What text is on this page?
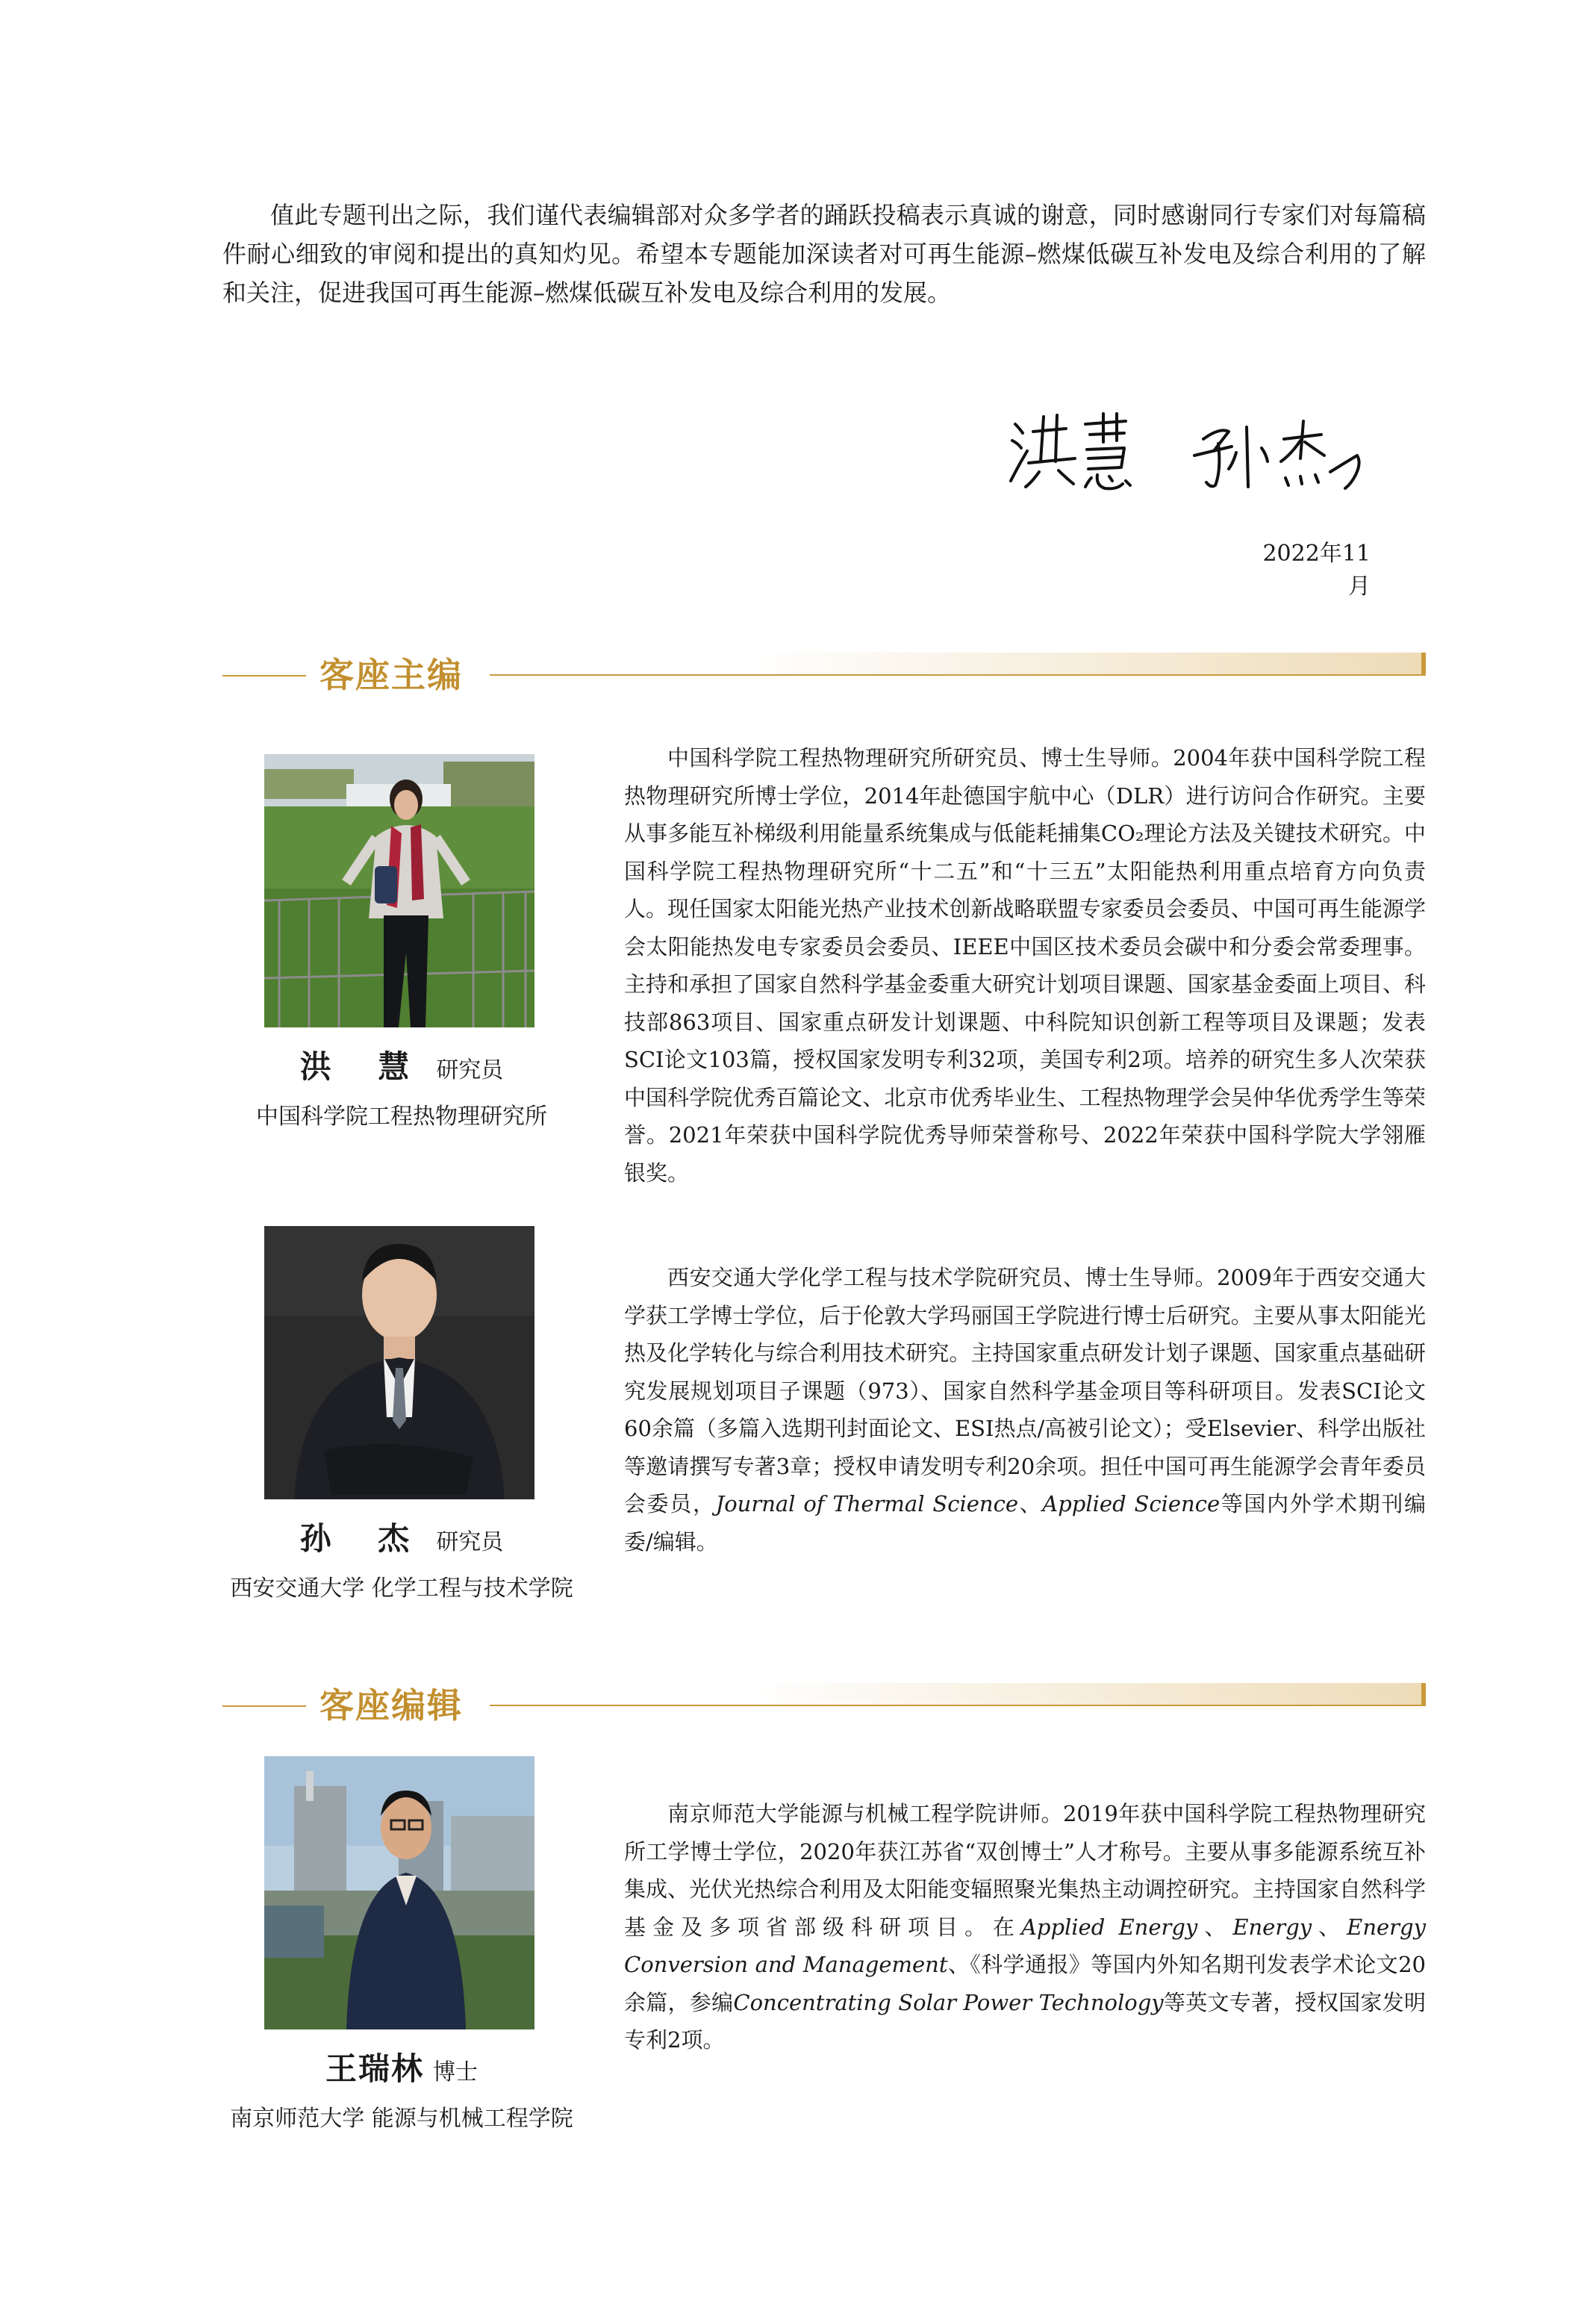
值此专题刊出之际，我们谨代表编辑部对众多学者的踊跃投稿表示真诚的谢意，同时感谢同行专家们对每篇稿件耐心细致的审阅和提出的真知灼见。希望本专题能加深读者对可再生能源–燃煤低碳互补发电及综合利用的了解和关注，促进我国可再生能源–燃煤低碳互补发电及综合利用的发展。

2022年11月
客座主编
洪 慧 研究员
中国科学院工程热物理研究所

中国科学院工程热物理研究所研究员、博士生导师。2004年获中国科学院工程热物理研究所博士学位，2014年赴德国宇航中心（DLR）进行访问合作研究。主要从事多能互补梯级利用能量系统集成与低能耗捕集CO₂理论方法及关键技术研究。中国科学院工程热物理研究所“十二五”和“十三五”太阳能热利用重点培育方向负责人。现任国家太阳能光热产业技术创新战略联盟专家委员会委员、中国可再生能源学会太阳能热发电专家委员会委员、IEEE中国区技术委员会碳中和分委会常委理事。主持和承担了国家自然科学基金委重大研究计划项目课题、国家基金委面上项目、科技部863项目、国家重点研发计划课题、中科院知识创新工程等项目及课题；发表SCI论文103篇，授权国家发明专利32项，美国专利2项。培养的研究生多人次荣获中国科学院优秀百篇论文、北京市优秀毕业生、工程热物理学会吴仲华优秀学生等荣誉。2021年荣获中国科学院优秀导师荣誉称号、2022年荣获中国科学院大学翎雁银奖。

孙 杰 研究员
西安交通大学 化学工程与技术学院

西安交通大学化学工程与技术学院研究员、博士生导师。2009年于西安交通大学获工学博士学位，后于伦敦大学玛丽国王学院进行博士后研究。主要从事太阳能光热及化学转化与综合利用技术研究。主持国家重点研发计划子课题、国家重点基础研究发展规划项目子课题（973）、国家自然科学基金项目等科研项目。发表SCI论文60余篇（多篇入选期刊封面论文、ESI热点/高被引论文）；受Elsevier、科学出版社等邀请撰写专著3章；授权申请发明专利20余项。担任中国可再生能源学会青年委员会委员，Journal of Thermal Science、Applied Science等国内外学术期刊编委/编辑。

客座编辑
王瑞林 博士
南京师范大学 能源与机械工程学院

南京师范大学能源与机械工程学院讲师。2019年获中国科学院工程热物理研究所工学博士学位，2020年获江苏省“双创博士”人才称号。主要从事多能源系统互补集成、光伏光热综合利用及太阳能变辐照聚光集热主动调控研究。主持国家自然科学基金及多项省部级科研项目。在Applied Energy、Energy、Energy Conversion and Management、《科学通报》等国内外知名期刊发表学术论文20余篇，参编Concentrating Solar Power Technology等英文专著，授权国家发明专利2项。
